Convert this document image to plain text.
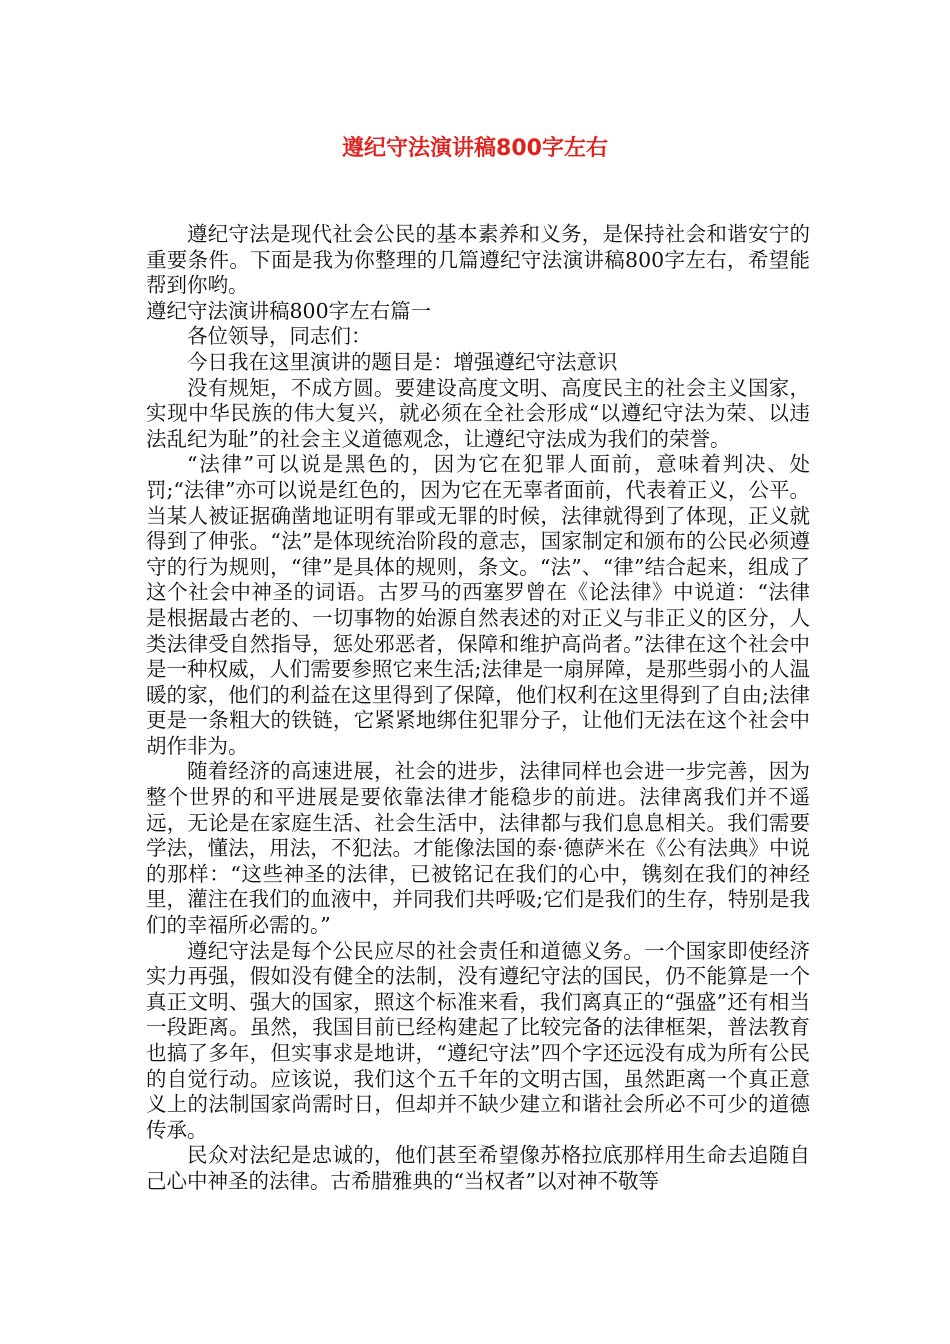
遵纪守法演讲稿800字左右

遵纪守法是现代社会公民的基本素养和义务，是保持社会和谐安宁的重要条件。下面是我为你整理的几篇遵纪守法演讲稿800字左右，希望能帮到你哟。

遵纪守法演讲稿800字左右篇一

各位领导，同志们：

今日我在这里演讲的题目是：增强遵纪守法意识

没有规矩，不成方圆。要建设高度文明、高度民主的社会主义国家，实现中华民族的伟大复兴，就必须在全社会形成“以遵纪守法为荣、以违法乱纪为耻”的社会主义道德观念，让遵纪守法成为我们的荣誉。

“法律”可以说是黑色的，因为它在犯罪人面前，意味着判决、处罚;“法律”亦可以说是红色的，因为它在无辜者面前，代表着正义，公平。当某人被证据确凿地证明有罪或无罪的时候，法律就得到了体现，正义就得到了伸张。“法”是体现统治阶段的意志，国家制定和颁布的公民必须遵守的行为规则，“律”是具体的规则，条文。“法”、“律”结合起来，组成了这个社会中神圣的词语。古罗马的西塞罗曾在《论法律》中说道：“法律是根据最古老的、一切事物的始源自然表述的对正义与非正义的区分，人类法律受自然指导，惩处邪恶者，保障和维护高尚者。”法律在这个社会中是一种权威，人们需要参照它来生活;法律是一扇屏障，是那些弱小的人温暖的家，他们的利益在这里得到了保障，他们权利在这里得到了自由;法律更是一条粗大的铁链，它紧紧地绑住犯罪分子，让他们无法在这个社会中胡作非为。

随着经济的高速进展，社会的进步，法律同样也会进一步完善，因为整个世界的和平进展是要依靠法律才能稳步的前进。法律离我们并不遥远，无论是在家庭生活、社会生活中，法律都与我们息息相关。我们需要学法，懂法，用法，不犯法。才能像法国的泰·德萨米在《公有法典》中说的那样：“这些神圣的法律，已被铭记在我们的心中，镌刻在我们的神经里，灌注在我们的血液中，并同我们共呼吸;它们是我们的生存，特别是我们的幸福所必需的。”

遵纪守法是每个公民应尽的社会责任和道德义务。一个国家即使经济实力再强，假如没有健全的法制，没有遵纪守法的国民，仍不能算是一个真正文明、强大的国家，照这个标准来看，我们离真正的“强盛”还有相当一段距离。虽然，我国目前已经构建起了比较完备的法律框架，普法教育也搞了多年，但实事求是地讲，“遵纪守法”四个字还远没有成为所有公民的自觉行动。应该说，我们这个五千年的文明古国，虽然距离一个真正意义上的法制国家尚需时日，但却并不缺少建立和谐社会所必不可少的道德传承。

民众对法纪是忠诚的，他们甚至希望像苏格拉底那样用生命去追随自己心中神圣的法律。古希腊雅典的“当权者”以对神不敬等
